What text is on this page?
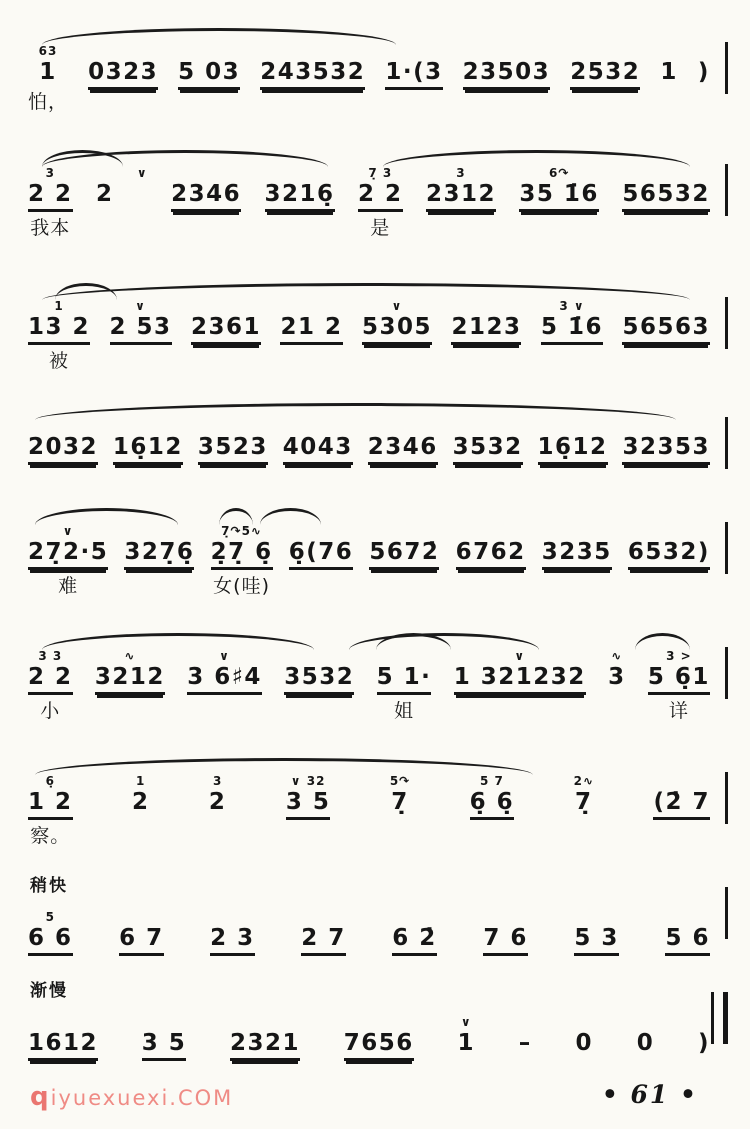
63
1
怕，
0323 5 03 243532 1·(3 23503 2532 1 )
3
2 2
我本
2
∨
2346 3216̣
7̣ 3
2 2
是
3
2312
6↷
35 1̇6 56532
1
13 2
被
∨
2 53 2361 21 2
∨
5305 2123
3 ∨
5 1̇6 56563
2032 16̣12 3523 4043 2346 3532 16̣12 32353
∨
27̣2·5
难
327̣6̣
7̣↷5∿
2̣7̣ 6̣
女(哇)
6̣(76 5672̇ 6762 3235 6532)
3 3
2 2
小
∿
3212
∨
3 6♯4 3532 5 1·
姐
∨
1 321232
∿
3
3 >
5 6̣1
详
6̣
1 2
察。
1
2
3
2
∨ 32
3 5
5↷
7̣
5 7
6̣ 6̣
2∿
7̣	(2̇ 7
稍快
5
6 6 6 7 2 3 2 7 6 2̇ 7 6 5 3 5 6
渐慢
1612 3 5 2321 7656
∨
1 – 0 0 )
qiyuexuexi.COM	• 61 •
